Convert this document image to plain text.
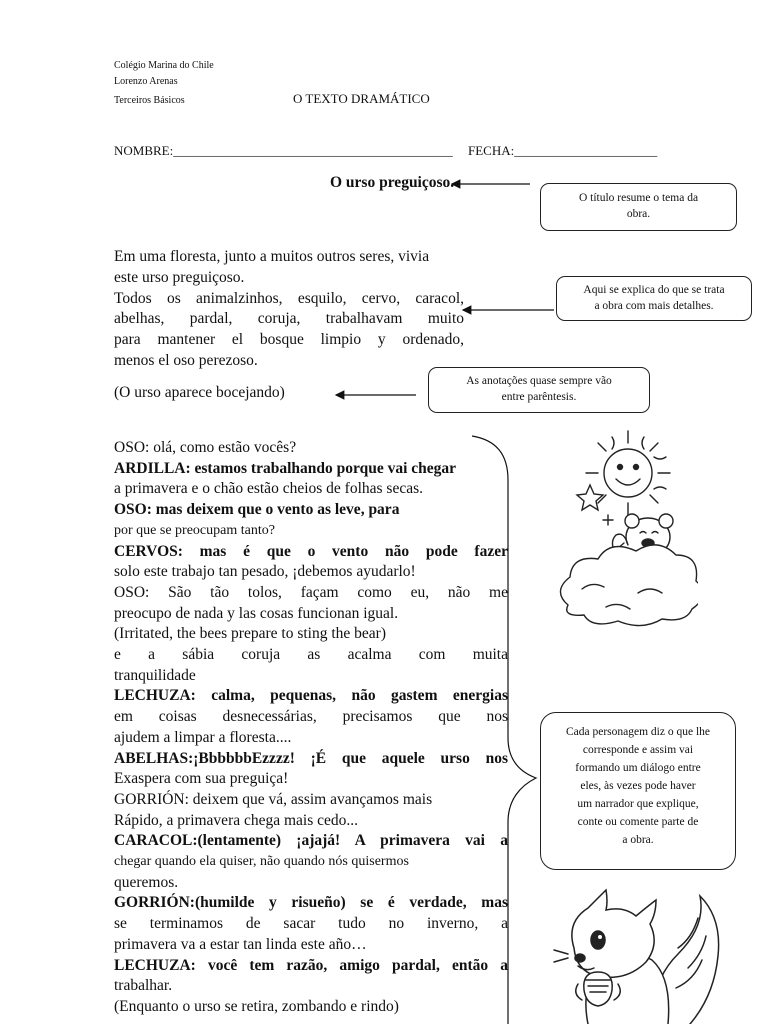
Colégio Marina do Chile
Lorenzo Arenas
Terceiros Básicos	O TEXTO DRAMÁTICO
NOMBRE:___________________________________________ FECHA:______________________
O urso preguiçoso.

Em uma floresta, junto a muitos outros seres, vivia

este urso preguiçoso.

Todos os animalzinhos, esquilo, cervo, caracol,

abelhas, pardal, coruja, trabalhavam muito

para mantener el bosque limpio y ordenado,

menos el oso perezoso.

(O urso aparece bocejando)
OSO: olá, como estão vocês?
ARDILLA: estamos trabalhando porque vai chegar
a primavera e o chão estão cheios de folhas secas.
OSO: mas deixem que o vento as leve, para
por que se preocupam tanto?
CERVOS: mas é que o vento não pode fazer
solo este trabajo tan pesado, ¡debemos ayudarlo!
OSO: São tão tolos, façam como eu, não me
preocupo de nada y las cosas funcionan igual.
(Irritated, the bees prepare to sting the bear)
e a sábia coruja as acalma com muita
tranquilidade
LECHUZA: calma, pequenas, não gastem energias
em coisas desnecessárias, precisamos que nos
ajudem a limpar a floresta....
ABELHAS:¡BbbbbbEzzzz! ¡É que aquele urso nos
Exaspera com sua preguiça!
GORRIÓN: deixem que vá, assim avançamos mais
Rápido, a primavera chega mais cedo...
CARACOL:(lentamente) ¡ajajá! A primavera vai a
chegar quando ela quiser, não quando nós quisermos
queremos.
GORRIÓN:(humilde y risueño) se é verdade, mas
se terminamos de sacar tudo no inverno, a
primavera va a estar tan linda este año…
LECHUZA: você tem razão, amigo pardal, então a
trabalhar.
(Enquanto o urso se retira, zombando e rindo)
O título resume o tema da
obra.
Aqui se explica do que se trata
a obra com mais detalhes.
As anotações quase sempre vão
entre parêntesis.
Cada personagem diz o que lhe
corresponde e assim vai
formando um diálogo entre
eles, às vezes pode haver
um narrador que explique,
conte ou comente parte de
a obra.
